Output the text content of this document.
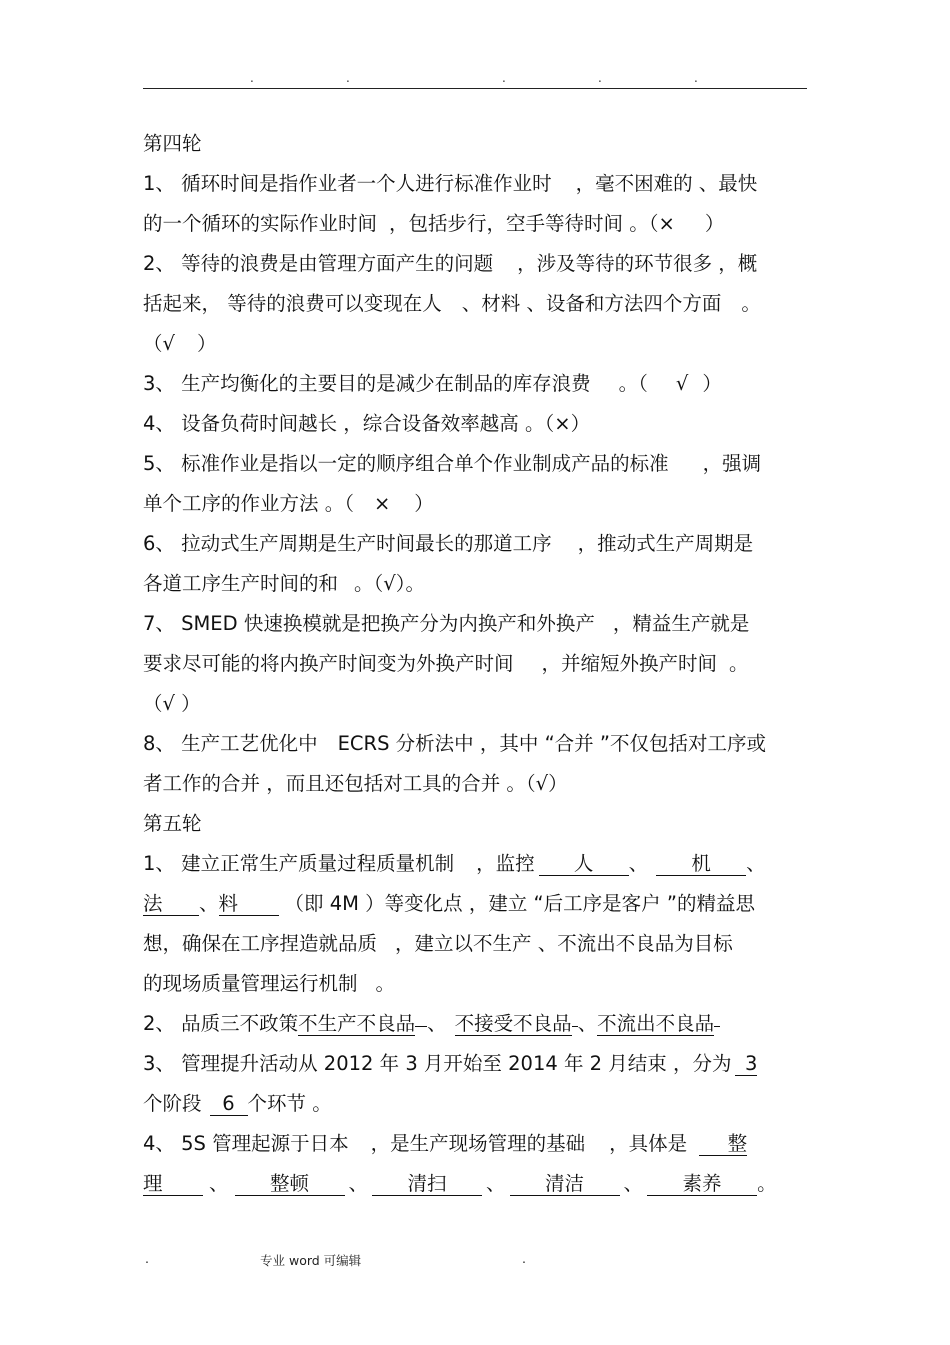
.	.	.	.	.
第四轮
1、 循环时间是指作业者一个人进行标准作业时 ，毫不困难的 、最快
的一个循环的实际作业时间 ，包括步行，空手等待时间 。（× ）
2、 等待的浪费是由管理方面产生的问题 ，涉及等待的环节很多 ，概
括起来， 等待的浪费可以变现在人 、材料 、设备和方法四个方面 。
（√ ）
3、 生产均衡化的主要目的是减少在制品的库存浪费 。（ √ ）
4、 设备负荷时间越长 ，综合设备效率越高 。（×）
5、 标准作业是指以一定的顺序组合单个作业制成产品的标准 ，强调
单个工序的作业方法 。（ × ）
6、 拉动式生产周期是生产时间最长的那道工序 ，推动式生产周期是
各道工序生产时间的和 。（√）。
7、 SMED 快速换模就是把换产分为内换产和外换产 ，精益生产就是
要求尽可能的将内换产时间变为外换产时间 ，并缩短外换产时间 。
（√ ）
8、 生产工艺优化中 ECRS 分析法中 ，其中 “合并 ”不仅包括对工序或
者工作的合并 ，而且还包括对工具的合并 。（√）
第五轮
1、 建立正常生产质量过程质量机制 ，监控 人 、 机 、
法 、料 （即 4M ）等变化点 ，建立 “后工序是客户 ”的精益思
想，确保在工序捏造就品质 ，建立以不生产 、不流出不良品为目标
的现场质量管理运行机制 。
2、 品质三不政策不生产不良品 、 不接受不良品 、不流出不良品
3、 管理提升活动从 2012 年 3 月开始至 2014 年 2 月结束 ，分为 3
个阶段 6 个环节 。
4、 5S 管理起源于日本 ，是生产现场管理的基础 ，具体是 整
理 、 整顿 、 清扫 、 清洁 、 素养 。
.	专业 word 可编辑	.
